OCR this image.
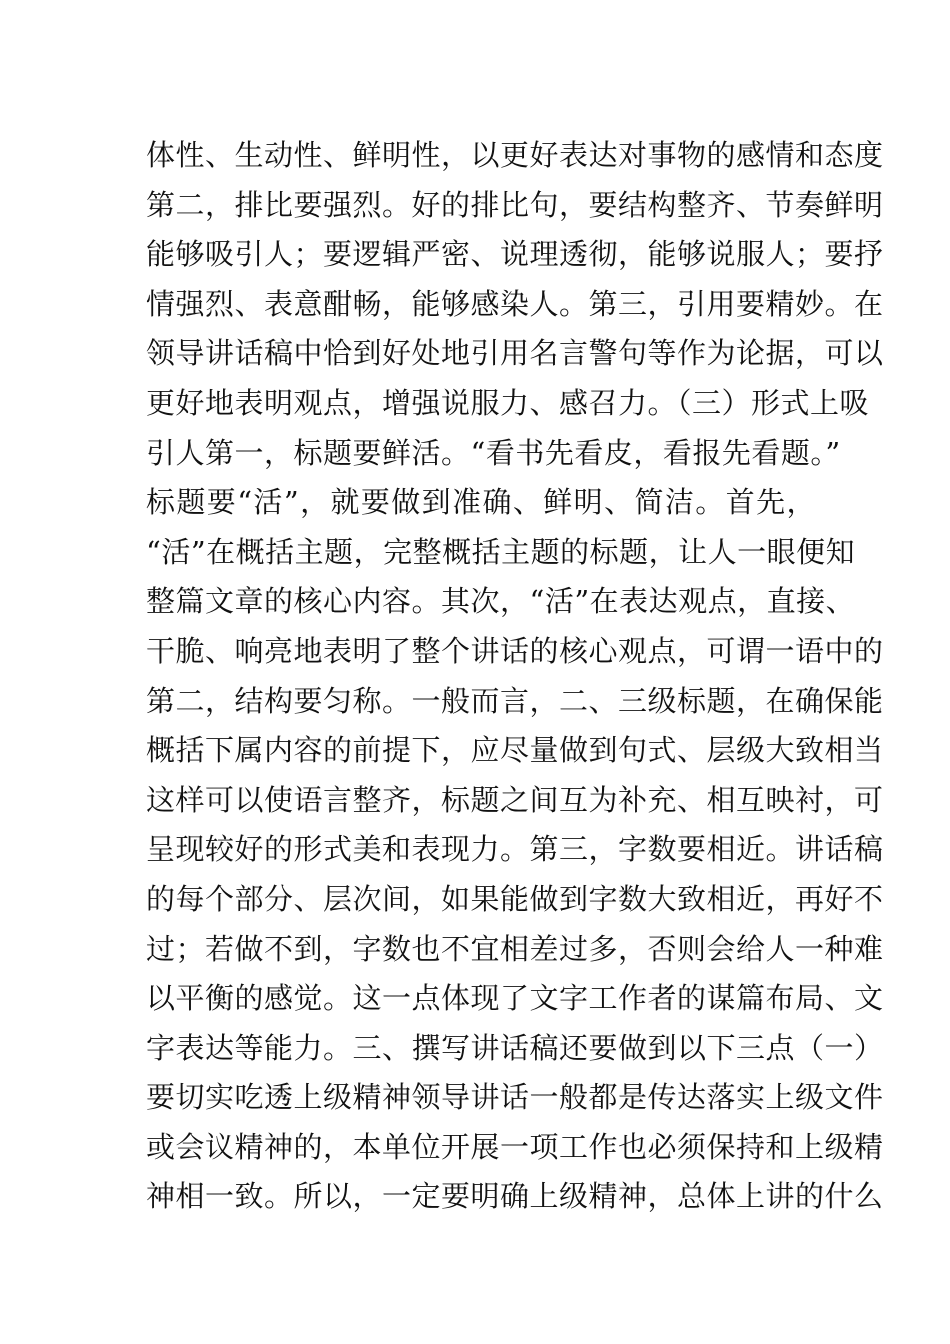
体性、生动性、鲜明性，以更好表达对事物的感情和态度
第二，排比要强烈。好的排比句，要结构整齐、节奏鲜明
能够吸引人；要逻辑严密、说理透彻，能够说服人；要抒
情强烈、表意酣畅，能够感染人。第三，引用要精妙。在
领导讲话稿中恰到好处地引用名言警句等作为论据，可以
更好地表明观点，增强说服力、感召力。（三）形式上吸
引人第一，标题要鲜活。“看书先看皮，看报先看题。”
标题要“活”，就要做到准确、鲜明、简洁。首先，
“活”在概括主题，完整概括主题的标题，让人一眼便知
整篇文章的核心内容。其次，“活”在表达观点，直接、
干脆、响亮地表明了整个讲话的核心观点，可谓一语中的
第二，结构要匀称。一般而言，二、三级标题，在确保能
概括下属内容的前提下，应尽量做到句式、层级大致相当
这样可以使语言整齐，标题之间互为补充、相互映衬，可
呈现较好的形式美和表现力。第三，字数要相近。讲话稿
的每个部分、层次间，如果能做到字数大致相近，再好不
过；若做不到，字数也不宜相差过多，否则会给人一种难
以平衡的感觉。这一点体现了文字工作者的谋篇布局、文
字表达等能力。三、撰写讲话稿还要做到以下三点（一）
要切实吃透上级精神领导讲话一般都是传达落实上级文件
或会议精神的，本单位开展一项工作也必须保持和上级精
神相一致。所以，一定要明确上级精神，总体上讲的什么
